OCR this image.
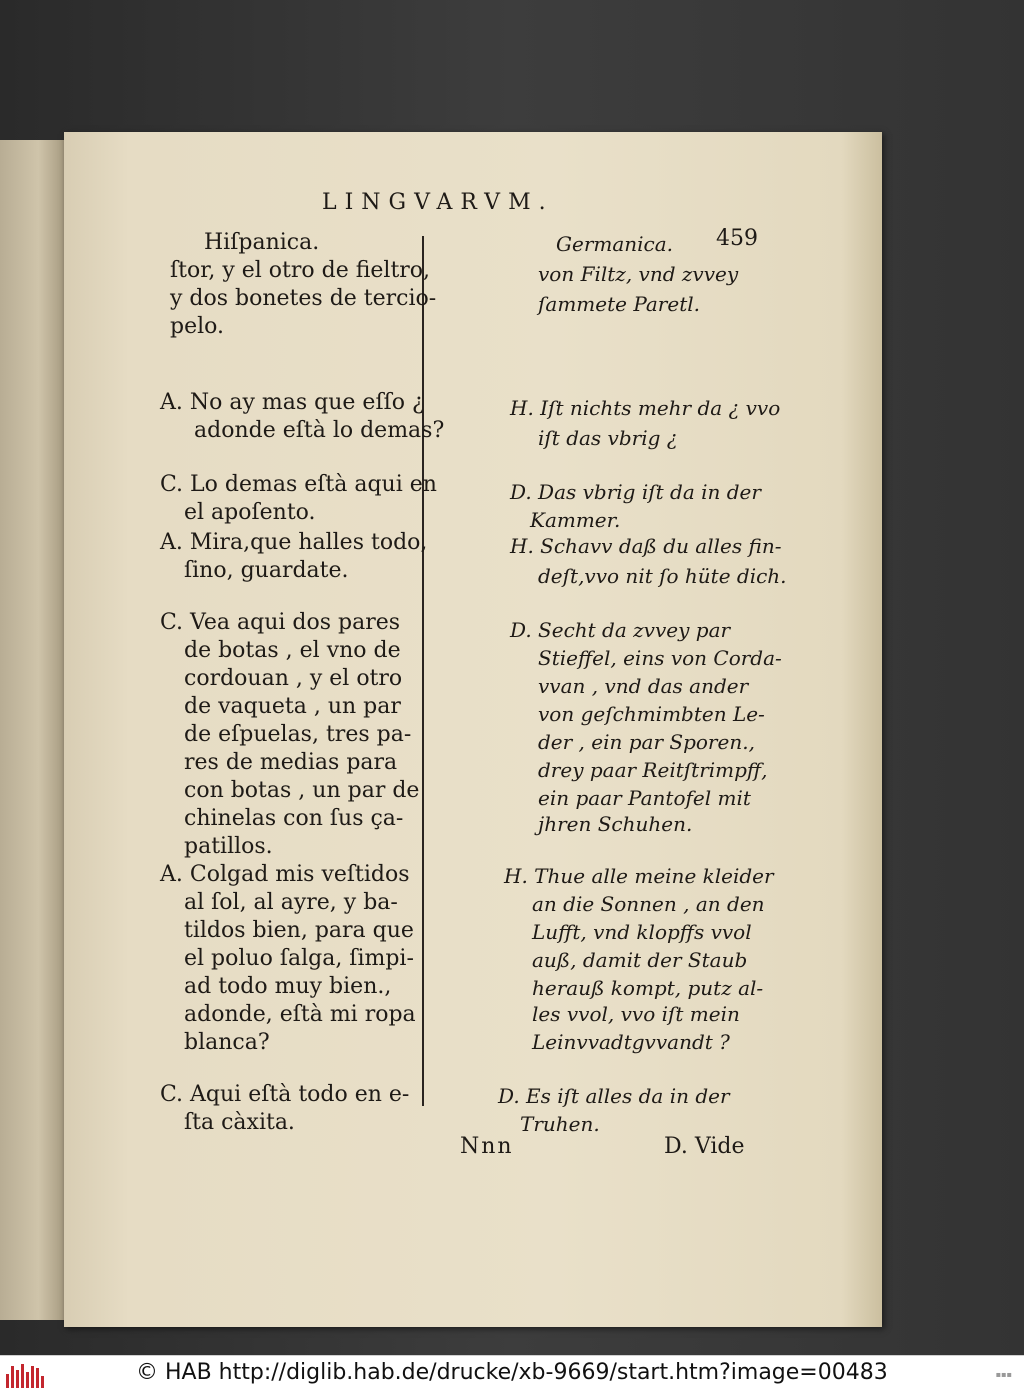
LINGVARVM.
459
Hiſpanica.	Germanica.
ſtor, y el otro de fieltro,
y dos bonetes de tercio-
pelo.
A. No ay mas que eſſo ¿
adonde eſtà lo demas?
C. Lo demas eſtà aqui en
el apoſento.
A. Mira,que halles todo,
ſino, guardate.
C. Vea aqui dos pares
de botas , el vno de
cordouan , y el otro
de vaqueta , un par
de eſpuelas, tres pa-
res de medias para
con botas , un par de
chinelas con ſus ça-
patillos.
A. Colgad mis veſtidos
al ſol, al ayre, y ba-
tildos bien, para que
el poluo ſalga, ſimpi-
ad todo muy bien.,
adonde, eſtà mi ropa
blanca?
C. Aqui eſtà todo en e-
ſta càxita.
von Filtz, vnd zvvey
ſammete Paretl.
H. Iſt nichts mehr da ¿ vvo
iſt das vbrig ¿
D. Das vbrig iſt da in der
Kammer.
H. Schavv daß du alles fin-
deſt,vvo nit ſo hüte dich.
D. Secht da zvvey par
Stieffel, eins von Corda-
vvan , vnd das ander
von geſchmimbten Le-
der , ein par Sporen.,
drey paar Reitſtrimpff,
ein paar Pantofel mit
jhren Schuhen.
H. Thue alle meine kleider
an die Sonnen , an den
Lufft, vnd klopffs vvol
auß, damit der Staub
herauß kompt, putz al-
les vvol, vvo iſt mein
Leinvvadtgvvandt ?
D. Es iſt alles da in der
Truhen.
Nnn	D. Vide
© HAB http://diglib.hab.de/drucke/xb-9669/start.htm?image=00483	▪▪▪
